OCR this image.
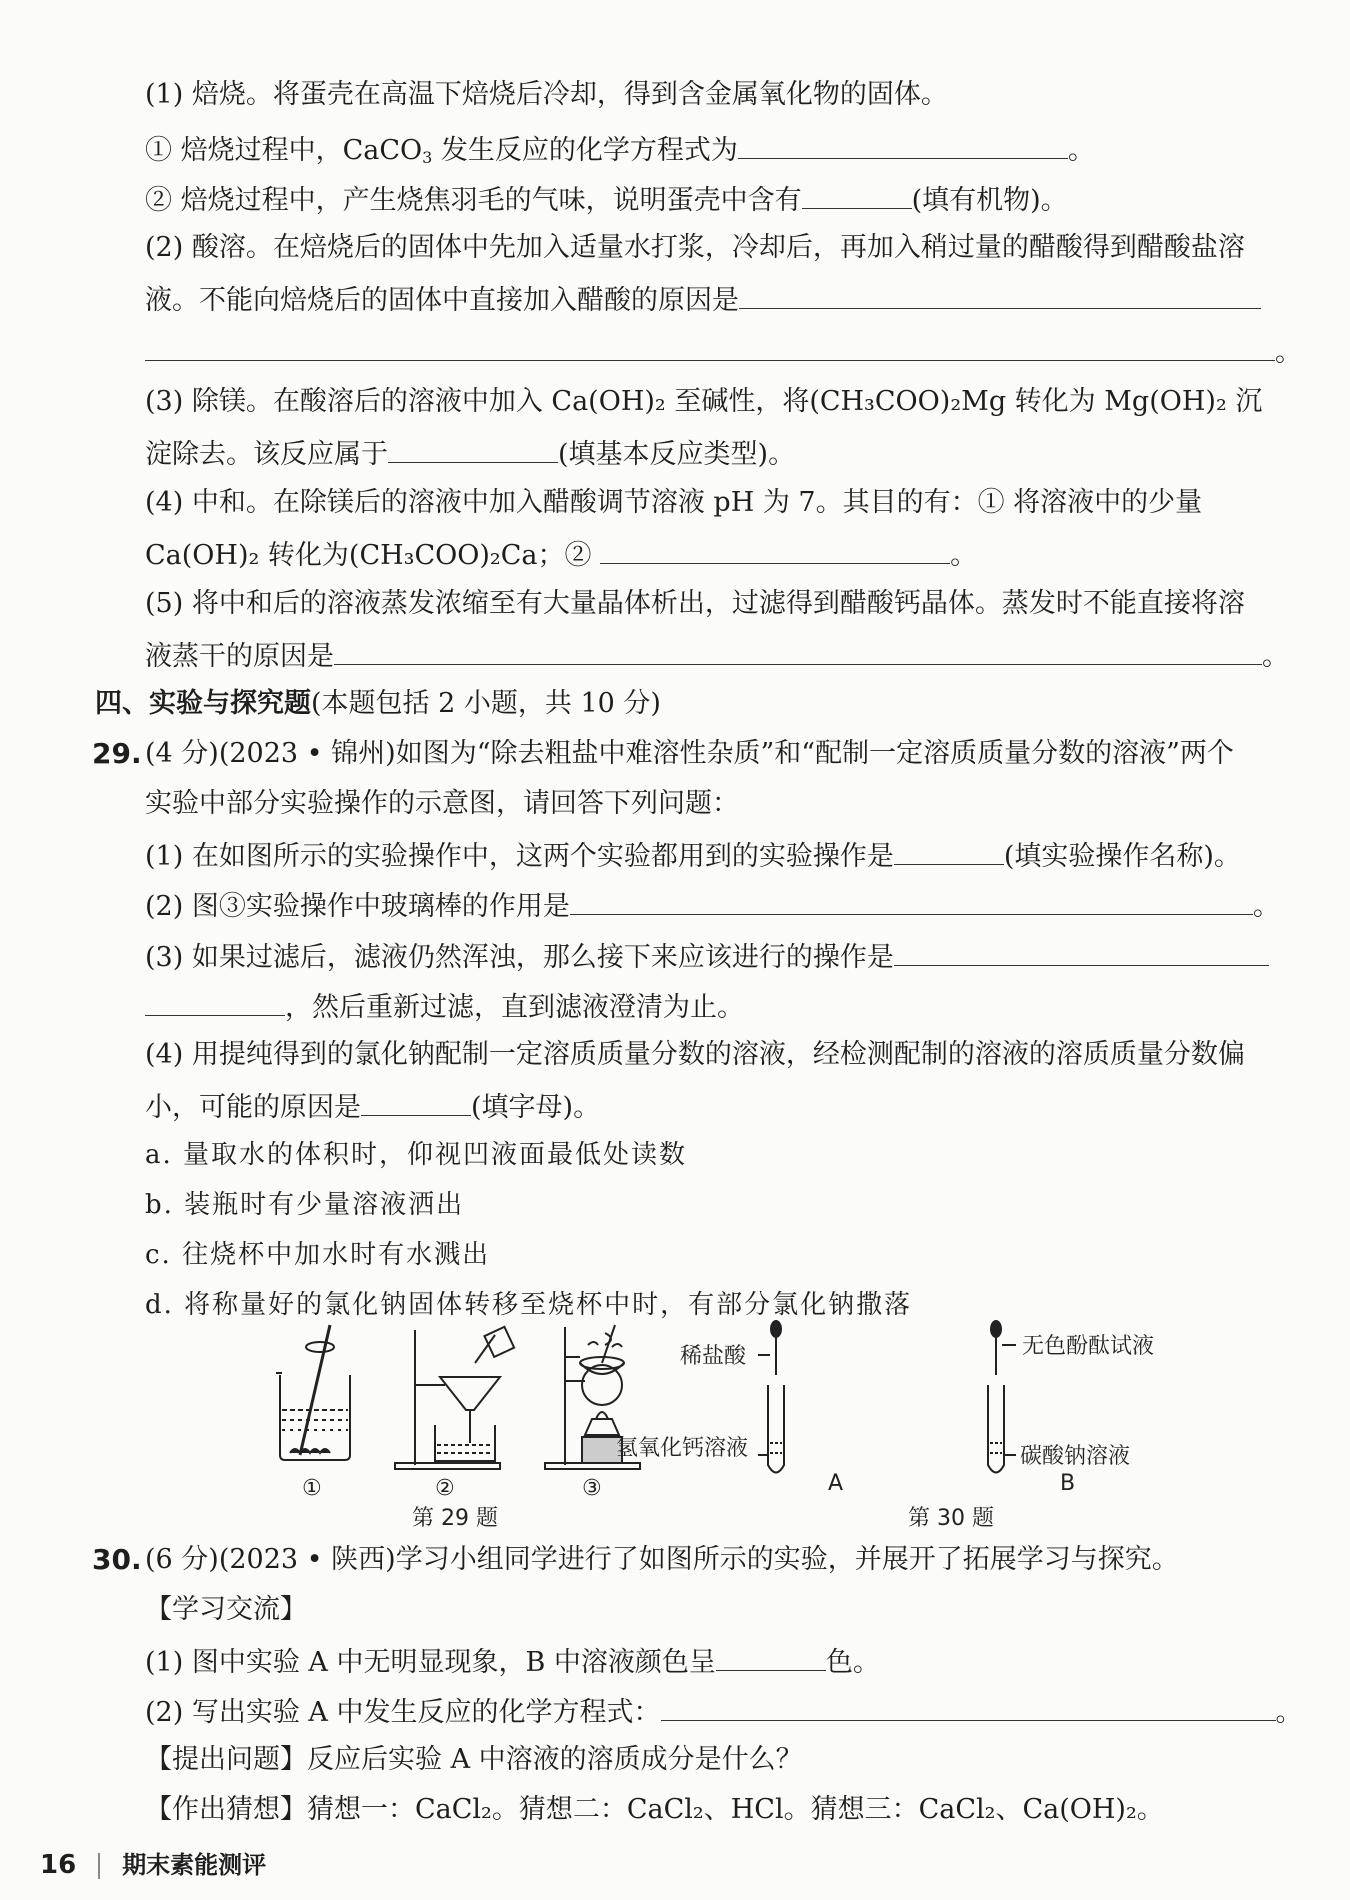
(1) 焙烧。将蛋壳在高温下焙烧后冷却，得到含金属氧化物的固体。
① 焙烧过程中，CaCO$_3$ 发生反应的化学方程式为	。
② 焙烧过程中，产生烧焦羽毛的气味，说明蛋壳中含有	(填有机物)。
(2) 酸溶。在焙烧后的固体中先加入适量水打浆，冷却后，再加入稍过量的醋酸得到醋酸盐溶
液。不能向焙烧后的固体中直接加入醋酸的原因是
。
(3) 除镁。在酸溶后的溶液中加入 Ca(OH)₂ 至碱性，将(CH₃COO)₂Mg 转化为 Mg(OH)₂ 沉
淀除去。该反应属于	(填基本反应类型)。
(4) 中和。在除镁后的溶液中加入醋酸调节溶液 pH 为 7。其目的有：① 将溶液中的少量
Ca(OH)₂ 转化为(CH₃COO)₂Ca；②	。
(5) 将中和后的溶液蒸发浓缩至有大量晶体析出，过滤得到醋酸钙晶体。蒸发时不能直接将溶
液蒸干的原因是	。
四、实验与探究题(本题包括 2 小题，共 10 分)
29. (4 分)(2023 • 锦州)如图为“除去粗盐中难溶性杂质”和“配制一定溶质质量分数的溶液”两个
实验中部分实验操作的示意图，请回答下列问题：
(1) 在如图所示的实验操作中，这两个实验都用到的实验操作是	(填实验操作名称)。
(2) 图③实验操作中玻璃棒的作用是	。
(3) 如果过滤后，滤液仍然浑浊，那么接下来应该进行的操作是
，然后重新过滤，直到滤液澄清为止。
(4) 用提纯得到的氯化钠配制一定溶质质量分数的溶液，经检测配制的溶液的溶质质量分数偏
小，可能的原因是	(填字母)。
a. 量取水的体积时，仰视凹液面最低处读数
b. 装瓶时有少量溶液洒出
c. 往烧杯中加水时有水溅出
d. 将称量好的氯化钠固体转移至烧杯中时，有部分氯化钠撒落
①	②	③
第 29 题
稀盐酸
氢氧化钙溶液
无色酚酞试液
碳酸钠溶液
A	B
第 30 题
30. (6 分)(2023 • 陕西)学习小组同学进行了如图所示的实验，并展开了拓展学习与探究。
【学习交流】
(1) 图中实验 A 中无明显现象，B 中溶液颜色呈	色。
(2) 写出实验 A 中发生反应的化学方程式：	。
【提出问题】反应后实验 A 中溶液的溶质成分是什么？
【作出猜想】猜想一：CaCl₂。猜想二：CaCl₂、HCl。猜想三：CaCl₂、Ca(OH)₂。
16 期末素能测评
